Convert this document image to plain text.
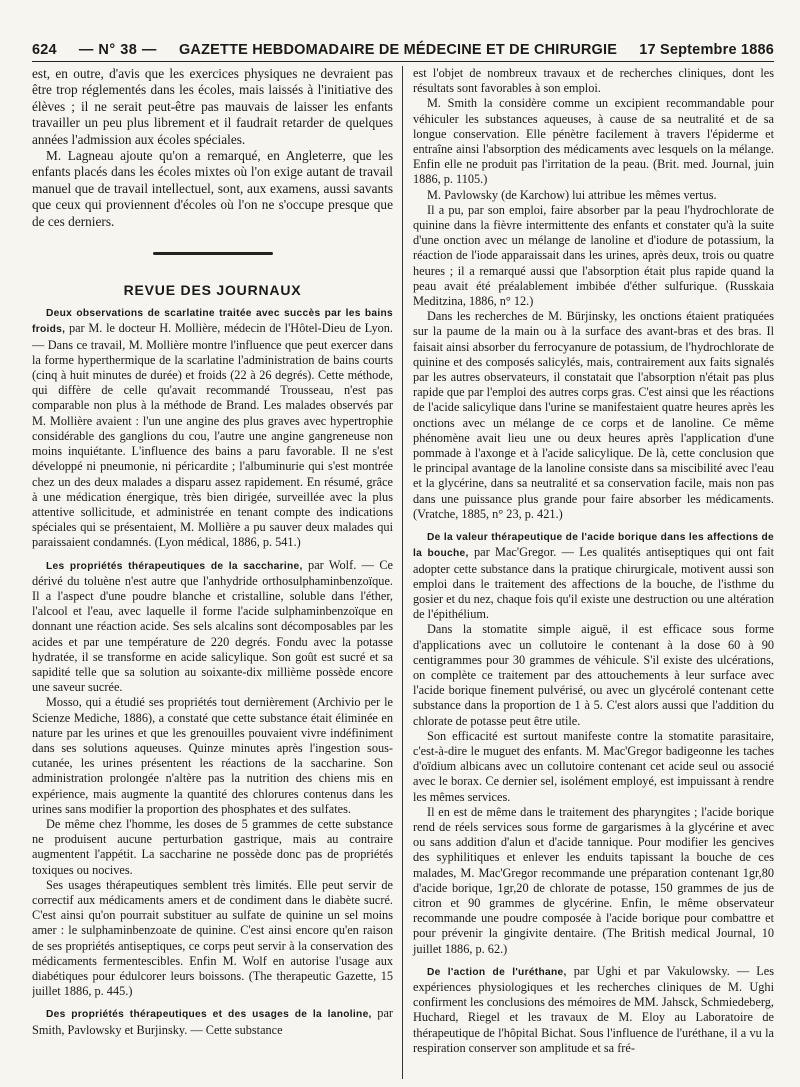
624 — N° 38 — GAZETTE HEBDOMADAIRE DE MÉDECINE ET DE CHIRURGIE 17 Septembre 1886

est, en outre, d'avis que les exercices physiques ne devraient pas être trop réglementés dans les écoles, mais laissés à l'initiative des élèves ; il ne serait peut-être pas mauvais de laisser les enfants travailler un peu plus librement et il faudrait retarder de quelques années l'admission aux écoles spéciales.

M. Lagneau ajoute qu'on a remarqué, en Angleterre, que les enfants placés dans les écoles mixtes où l'on exige autant de travail manuel que de travail intellectuel, sont, aux examens, aussi savants que ceux qui proviennent d'écoles où l'on ne s'occupe presque que de ces derniers.

REVUE DES JOURNAUX

Deux observations de scarlatine traitée avec succès par les bains froids, par M. le docteur H. Mollière, médecin de l'Hôtel-Dieu de Lyon. — Dans ce travail, M. Mollière montre l'influence que peut exercer dans la forme hyperthermique de la scarlatine l'administration de bains courts (cinq à huit minutes de durée) et froids (22 à 26 degrés). Cette méthode, qui diffère de celle qu'avait recommandé Trousseau, n'est pas comparable non plus à la méthode de Brand. Les malades observés par M. Mollière avaient : l'un une angine des plus graves avec hypertrophie considérable des ganglions du cou, l'autre une angine gangreneuse non moins inquiétante. L'influence des bains a paru favorable. Il ne s'est développé ni pneumonie, ni péricardite ; l'albuminurie qui s'est montrée chez un des deux malades a disparu assez rapidement. En résumé, grâce à une médication énergique, très bien dirigée, surveillée avec la plus attentive sollicitude, et administrée en tenant compte des indications spéciales qui se présentaient, M. Mollière a pu sauver deux malades qui paraissaient condamnés. (Lyon médical, 1886, p. 541.)

Les propriétés thérapeutiques de la saccharine, par Wolf. — Ce dérivé du toluène n'est autre que l'anhydride orthosulphaminbenzoïque. Il a l'aspect d'une poudre blanche et cristalline, soluble dans l'éther, l'alcool et l'eau, avec laquelle il forme l'acide sulphaminbenzoïque en donnant une réaction acide. Ses sels alcalins sont décomposables par les acides et par une température de 220 degrés. Fondu avec la potasse hydratée, il se transforme en acide salicylique. Son goût est sucré et sa sapidité telle que sa solution au soixante-dix millième possède encore une saveur sucrée.

Mosso, qui a étudié ses propriétés tout dernièrement (Archivio per le Scienze Mediche, 1886), a constaté que cette substance était éliminée en nature par les urines et que les grenouilles pouvaient vivre indéfiniment dans ses solutions aqueuses. Quinze minutes après l'ingestion sous-cutanée, les urines présentent les réactions de la saccharine. Son administration prolongée n'altère pas la nutrition des chiens mis en expérience, mais augmente la quantité des chlorures contenus dans les urines sans modifier la proportion des phosphates et des sulfates.

De même chez l'homme, les doses de 5 grammes de cette substance ne produisent aucune perturbation gastrique, mais au contraire augmentent l'appétit. La saccharine ne possède donc pas de propriétés toxiques ou nocives.

Ses usages thérapeutiques semblent très limités. Elle peut servir de correctif aux médicaments amers et de condiment dans le diabète sucré. C'est ainsi qu'on pourrait substituer au sulfate de quinine un sel moins amer : le sulphaminbenzoate de quinine. C'est ainsi encore qu'en raison de ses propriétés antiseptiques, ce corps peut servir à la conservation des médicaments fermentescibles. Enfin M. Wolf en autorise l'usage aux diabétiques pour édulcorer leurs boissons. (The therapeutic Gazette, 15 juillet 1886, p. 445.)

Des propriétés thérapeutiques et des usages de la lanoline, par Smith, Pavlowsky et Burjinsky. — Cette substance

est l'objet de nombreux travaux et de recherches cliniques, dont les résultats sont favorables à son emploi.

M. Smith la considère comme un excipient recommandable pour véhiculer les substances aqueuses, à cause de sa neutralité et de sa longue conservation. Elle pénètre facilement à travers l'épiderme et entraîne ainsi l'absorption des médicaments avec lesquels on la mélange. Enfin elle ne produit pas l'irritation de la peau. (Brit. med. Journal, juin 1886, p. 1105.)

M. Pavlowsky (de Karchow) lui attribue les mêmes vertus.

Il a pu, par son emploi, faire absorber par la peau l'hydrochlorate de quinine dans la fièvre intermittente des enfants et constater qu'à la suite d'une onction avec un mélange de lanoline et d'iodure de potassium, la réaction de l'iode apparaissait dans les urines, après deux, trois ou quatre heures ; il a remarqué aussi que l'absorption était plus rapide quand la peau avait été préalablement imbibée d'éther sulfurique. (Russkaia Meditzina, 1886, n° 12.)

Dans les recherches de M. Bürjinsky, les onctions étaient pratiquées sur la paume de la main ou à la surface des avant-bras et des bras. Il faisait ainsi absorber du ferrocyanure de potassium, de l'hydrochlorate de quinine et des composés salicylés, mais, contrairement aux faits signalés par les autres observateurs, il constatait que l'absorption n'était pas plus rapide que par l'emploi des autres corps gras. C'est ainsi que les réactions de l'acide salicylique dans l'urine se manifestaient quatre heures après les onctions avec un mélange de ce corps et de lanoline. Ce même phénomène avait lieu une ou deux heures après l'application d'une pommade à l'axonge et à l'acide salicylique. De là, cette conclusion que le principal avantage de la lanoline consiste dans sa miscibilité avec l'eau et la glycérine, dans sa neutralité et sa conservation facile, mais non pas dans une puissance plus grande pour faire absorber les médicaments. (Vratche, 1885, n° 23, p. 421.)

De la valeur thérapeutique de l'acide borique dans les affections de la bouche, par Mac'Gregor. — Les qualités antiseptiques qui ont fait adopter cette substance dans la pratique chirurgicale, motivent aussi son emploi dans le traitement des affections de la bouche, de l'isthme du gosier et du nez, chaque fois qu'il existe une destruction ou une altération de l'épithélium.

Dans la stomatite simple aiguë, il est efficace sous forme d'applications avec un collutoire le contenant à la dose 60 à 90 centigrammes pour 30 grammes de véhicule. S'il existe des ulcérations, on complète ce traitement par des attouchements à leur surface avec l'acide borique finement pulvérisé, ou avec un glycérolé contenant cette substance dans la proportion de 1 à 5. C'est alors aussi que l'addition du chlorate de potasse peut être utile.

Son efficacité est surtout manifeste contre la stomatite parasitaire, c'est-à-dire le muguet des enfants. M. Mac'Gregor badigeonne les taches d'oïdium albicans avec un collutoire contenant cet acide seul ou associé avec le borax. Ce dernier sel, isolément employé, est impuissant à rendre les mêmes services.

Il en est de même dans le traitement des pharyngites ; l'acide borique rend de réels services sous forme de gargarismes à la glycérine et avec ou sans addition d'alun et d'acide tannique. Pour modifier les gencives des syphilitiques et enlever les enduits tapissant la bouche de ces malades, M. Mac'Gregor recommande une préparation contenant 1gr,80 d'acide borique, 1gr,20 de chlorate de potasse, 150 grammes de jus de citron et 90 grammes de glycérine. Enfin, le même observateur recommande une poudre composée à l'acide borique pour combattre et pour prévenir la gingivite dentaire. (The British medical Journal, 10 juillet 1886, p. 62.)

De l'action de l'uréthane, par Ughi et par Vakulowsky. — Les expériences physiologiques et les recherches cliniques de M. Ughi confirment les conclusions des mémoires de MM. Jahsck, Schmiedeberg, Huchard, Riegel et les travaux de M. Eloy au Laboratoire de thérapeutique de l'hôpital Bichat. Sous l'influence de l'uréthane, il a vu la respiration conserver son amplitude et sa fré-
